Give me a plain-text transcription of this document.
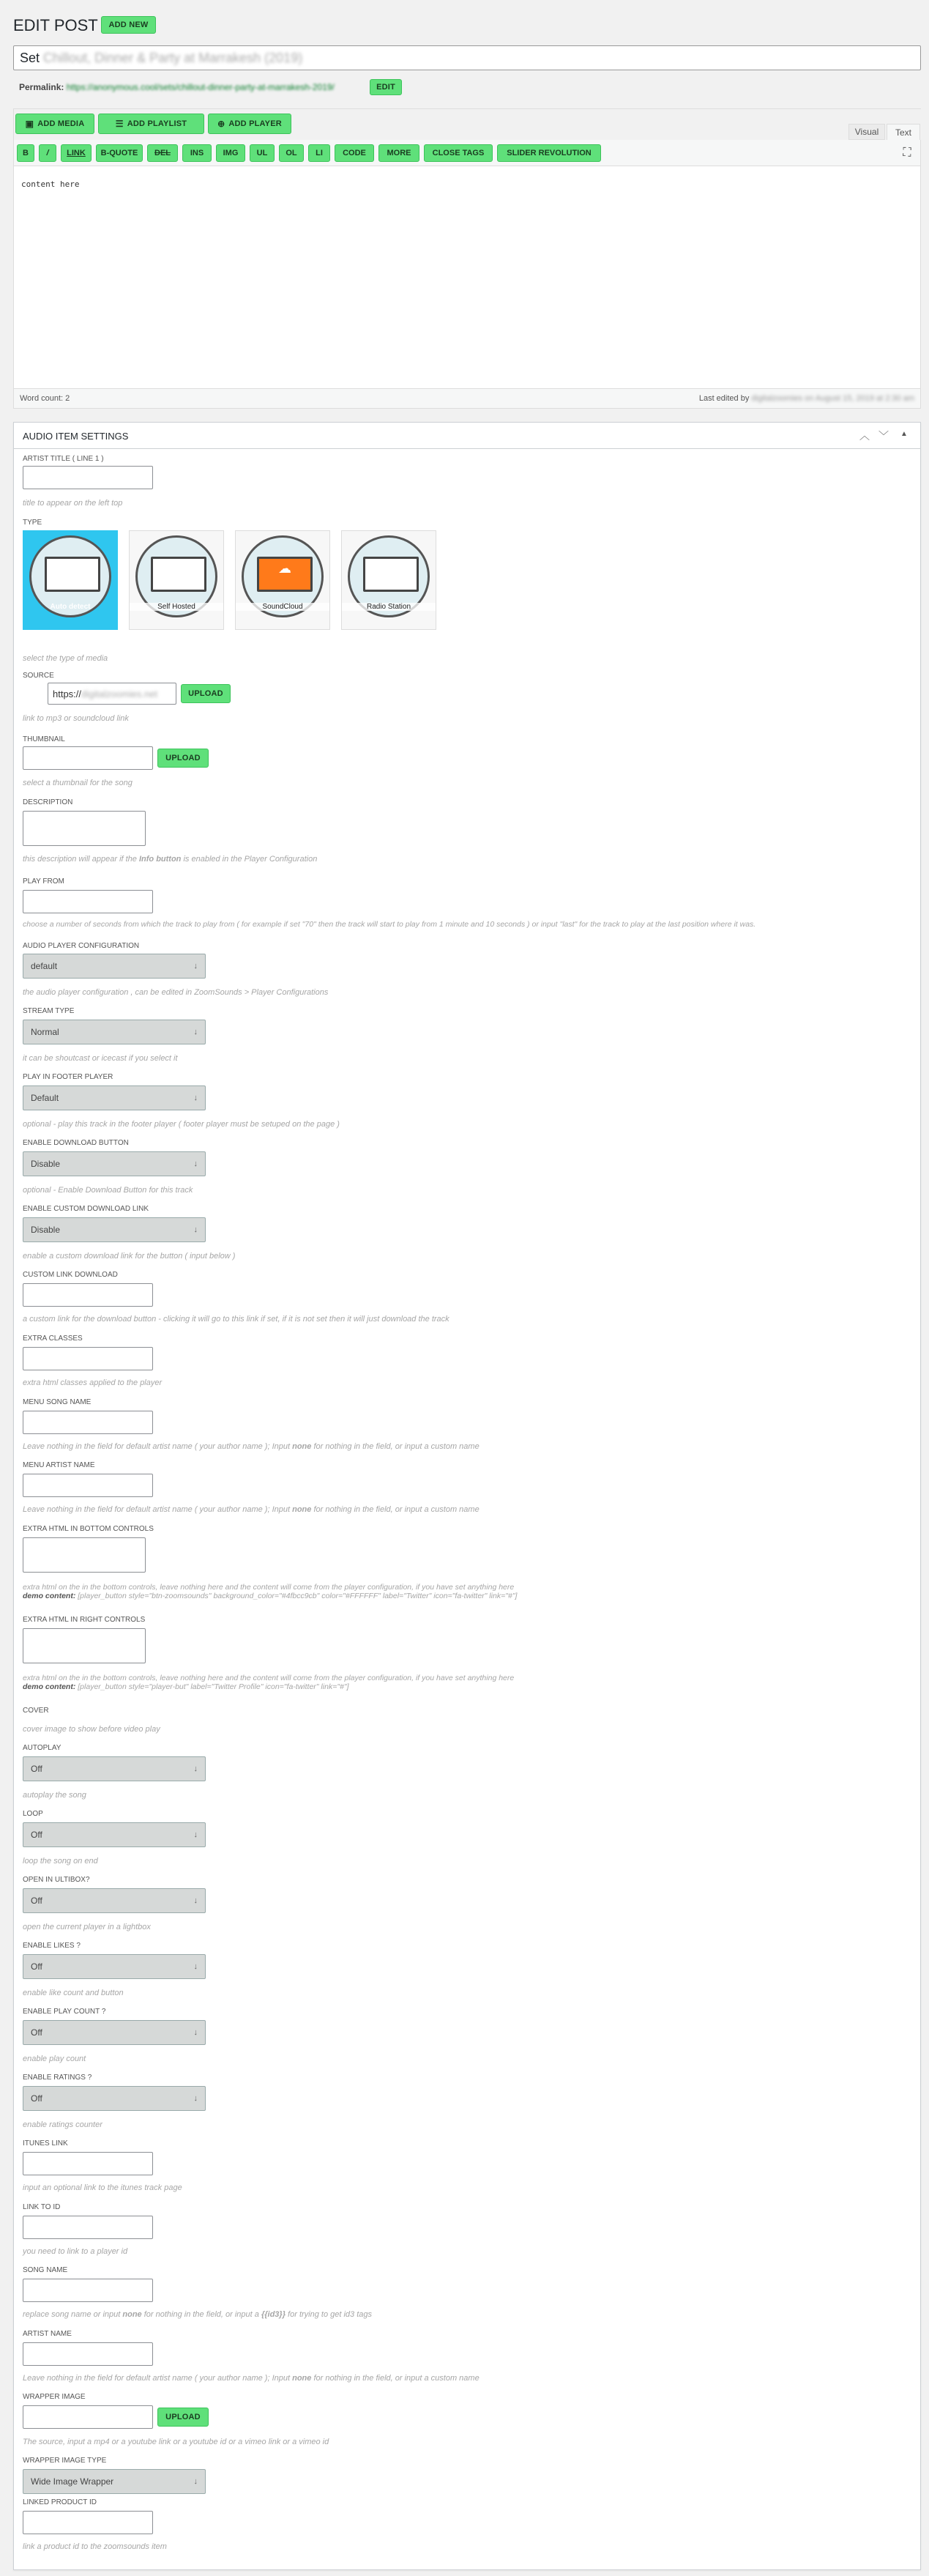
EDIT POST	ADD NEW
Set
Chillout, Dinner & Party at Marrakesh (2019)
Permalink:
https://anonymous.cool/sets/chillout-dinner-party-at-marrakesh-2019/	EDIT
▣ ADD MEDIA	☰ ADD PLAYLIST	⊕ ADD PLAYER
Visual	Text
B	/	LINK	B-QUOTE	DEL	INS	IMG	UL	OL	LI	CODE	MORE	CLOSE TAGS	SLIDER REVOLUTION	⛶
content here
Word count: 2	Last edited by digitalzoomies on August 15, 2019 at 2:30 am
AUDIO ITEM SETTINGS	︿ ﹀	▲
ARTIST TITLE ( LINE 1 )
title to appear on the left top
TYPE
Auto detect	Self Hosted
☁
SoundCloud	Radio Station
select the type of media
SOURCE
https:// digitalzoomies.net	UPLOAD
link to mp3 or soundcloud link
THUMBNAIL
UPLOAD
select a thumbnail for the song
DESCRIPTION
this description will appear if the Info button is enabled in the Player Configuration
PLAY FROM
choose a number of seconds from which the track to play from ( for example if set "70" then the track will start to play from 1 minute and 10 seconds ) or input "last" for the track to play at the last position where it was.
AUDIO PLAYER CONFIGURATION
default	↓
the audio player configuration , can be edited in ZoomSounds > Player Configurations
STREAM TYPE
Normal	↓
it can be shoutcast or icecast if you select it
PLAY IN FOOTER PLAYER
Default	↓
optional - play this track in the footer player ( footer player must be setuped on the page )
ENABLE DOWNLOAD BUTTON
Disable	↓
optional - Enable Download Button for this track
ENABLE CUSTOM DOWNLOAD LINK
Disable	↓
enable a custom download link for the button ( input below )
CUSTOM LINK DOWNLOAD
a custom link for the download button - clicking it will go to this link if set, if it is not set then it will just download the track
EXTRA CLASSES
extra html classes applied to the player
MENU SONG NAME
Leave nothing in the field for default artist name ( your author name ); Input none for nothing in the field, or input a custom name
MENU ARTIST NAME
Leave nothing in the field for default artist name ( your author name ); Input none for nothing in the field, or input a custom name
EXTRA HTML IN BOTTOM CONTROLS
extra html on the in the bottom controls, leave nothing here and the content will come from the player configuration, if you have set anything here
demo content: [player_button style="btn-zoomsounds" background_color="#4fbcc9cb" color="#FFFFFF" label="Twitter" icon="fa-twitter" link="#"]
EXTRA HTML IN RIGHT CONTROLS
extra html on the in the bottom controls, leave nothing here and the content will come from the player configuration, if you have set anything here
demo content: [player_button style="player-but" label="Twitter Profile" icon="fa-twitter" link="#"]
COVER
cover image to show before video play
AUTOPLAY
Off	↓
autoplay the song
LOOP
Off	↓
loop the song on end
OPEN IN ULTIBOX?
Off	↓
open the current player in a lightbox
ENABLE LIKES ?
Off	↓
enable like count and button
ENABLE PLAY COUNT ?
Off	↓
enable play count
ENABLE RATINGS ?
Off	↓
enable ratings counter
ITUNES LINK
input an optional link to the itunes track page
LINK TO ID
you need to link to a player id
SONG NAME
replace song name or input none for nothing in the field, or input a {{id3}} for trying to get id3 tags
ARTIST NAME
Leave nothing in the field for default artist name ( your author name ); Input none for nothing in the field, or input a custom name
WRAPPER IMAGE
UPLOAD
The source, input a mp4 or a youtube link or a youtube id or a vimeo link or a vimeo id
WRAPPER IMAGE TYPE
Wide Image Wrapper	↓
LINKED PRODUCT ID
link a product id to the zoomsounds item
